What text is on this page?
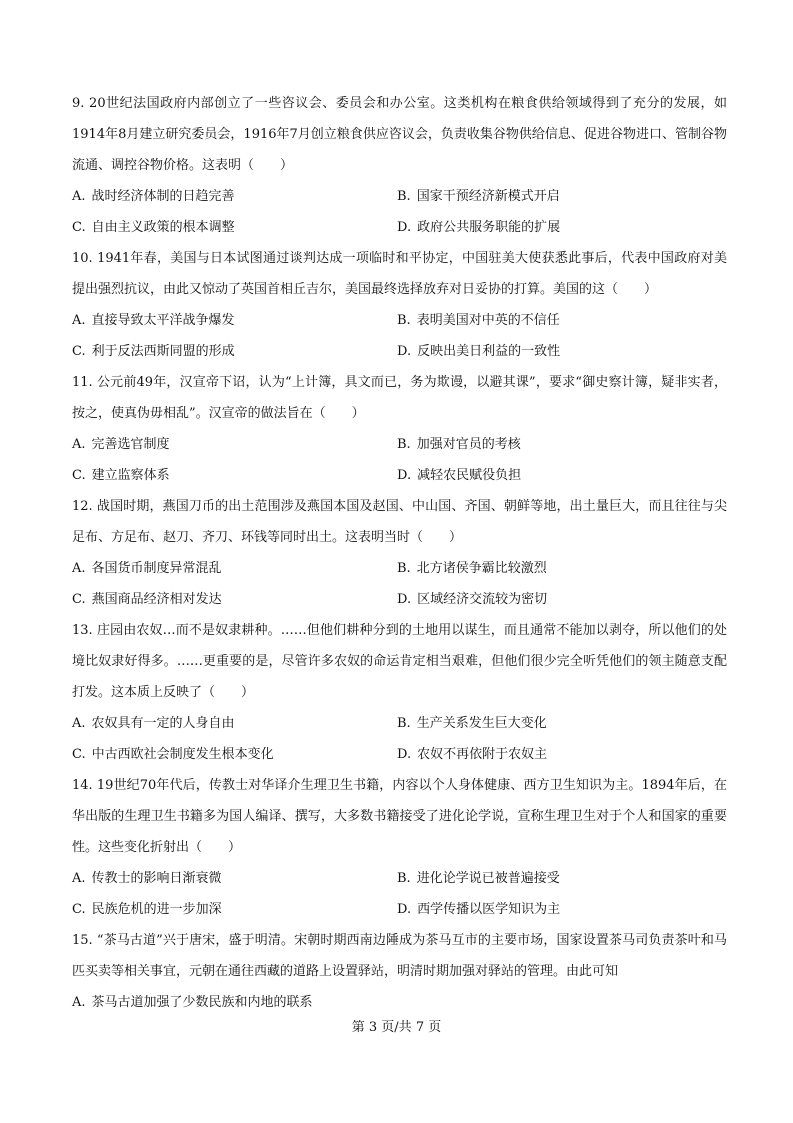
9. 20世纪法国政府内部创立了一些咨议会、委员会和办公室。这类机构在粮食供给领域得到了充分的发展，如1914年8月建立研究委员会，1916年7月创立粮食供应咨议会，负责收集谷物供给信息、促进谷物进口、管制谷物流通、调控谷物价格。这表明（　　）

A. 战时经济体制的日趋完善	B. 国家干预经济新模式开启
C. 自由主义政策的根本调整	D. 政府公共服务职能的扩展

10. 1941年春，美国与日本试图通过谈判达成一项临时和平协定，中国驻美大使获悉此事后，代表中国政府对美提出强烈抗议，由此又惊动了英国首相丘吉尔，美国最终选择放弃对日妥协的打算。美国的这（　　）

A. 直接导致太平洋战争爆发	B. 表明美国对中英的不信任
C. 利于反法西斯同盟的形成	D. 反映出美日利益的一致性

11. 公元前49年，汉宣帝下诏，认为“上计簿，具文而已，务为欺谩，以避其课”，要求“御史察计簿，疑非实者，按之，使真伪毋相乱”。汉宣帝的做法旨在（　　）

A. 完善选官制度	B. 加强对官员的考核
C. 建立监察体系	D. 减轻农民赋役负担

12. 战国时期，燕国刀币的出土范围涉及燕国本国及赵国、中山国、齐国、朝鲜等地，出土量巨大，而且往往与尖足布、方足布、赵刀、齐刀、环钱等同时出土。这表明当时（　　）

A. 各国货币制度异常混乱	B. 北方诸侯争霸比较激烈
C. 燕国商品经济相对发达	D. 区域经济交流较为密切

13. 庄园由农奴…而不是奴隶耕种。……但他们耕种分到的土地用以谋生，而且通常不能加以剥夺，所以他们的处境比奴隶好得多。……更重要的是，尽管许多农奴的命运肯定相当艰难，但他们很少完全听凭他们的领主随意支配打发。这本质上反映了（　　）

A. 农奴具有一定的人身自由	B. 生产关系发生巨大变化
C. 中古西欧社会制度发生根本变化	D. 农奴不再依附于农奴主

14. 19世纪70年代后，传教士对华译介生理卫生书籍，内容以个人身体健康、西方卫生知识为主。1894年后，在华出版的生理卫生书籍多为国人编译、撰写，大多数书籍接受了进化论学说，宣称生理卫生对于个人和国家的重要性。这些变化折射出（　　）

A. 传教士的影响日渐衰微	B. 进化论学说已被普遍接受
C. 民族危机的进一步加深	D. 西学传播以医学知识为主

15. “茶马古道”兴于唐宋，盛于明清。宋朝时期西南边陲成为茶马互市的主要市场，国家设置茶马司负责茶叶和马匹买卖等相关事宜，元朝在通往西藏的道路上设置驿站，明清时期加强对驿站的管理。由此可知

A. 茶马古道加强了少数民族和内地的联系
第 3 页/共 7 页
